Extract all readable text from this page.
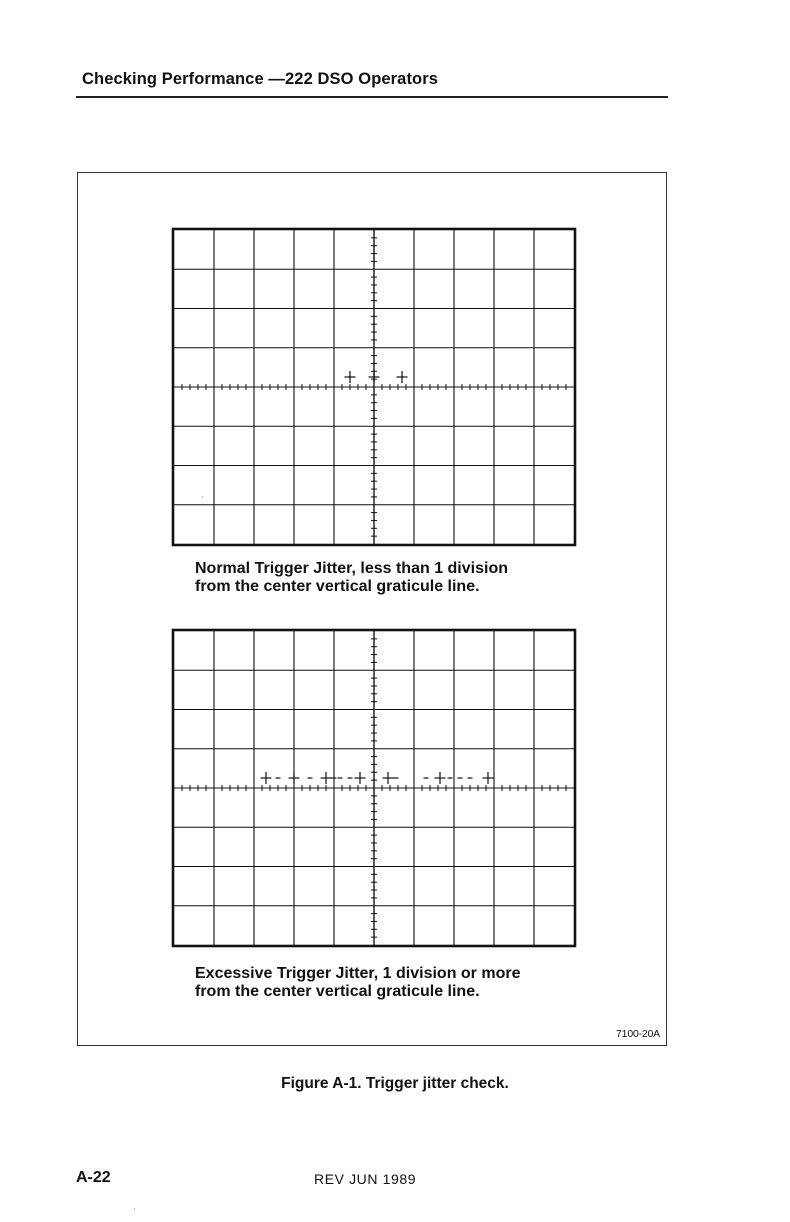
Checking Performance —222 DSO Operators
Normal Trigger Jitter, less than 1 division
from the center vertical graticule line.
Excessive Trigger Jitter, 1 division or more
from the center vertical graticule line.
7100-20A
Figure A-1. Trigger jitter check.
A-22	REV JUN 1989
